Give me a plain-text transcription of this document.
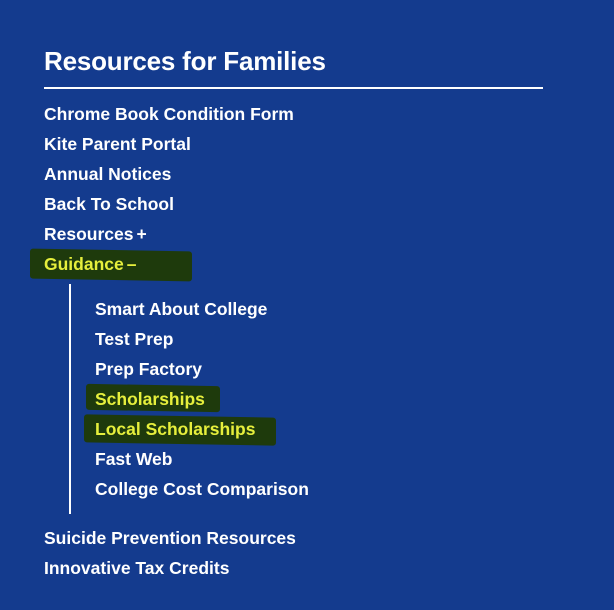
Resources for Families
Chrome Book Condition Form
Kite Parent Portal
Annual Notices
Back To School
Resources +
Guidance –
Smart About College
Test Prep
Prep Factory
Scholarships
Local Scholarships
Fast Web
College Cost Comparison
Suicide Prevention Resources
Innovative Tax Credits
